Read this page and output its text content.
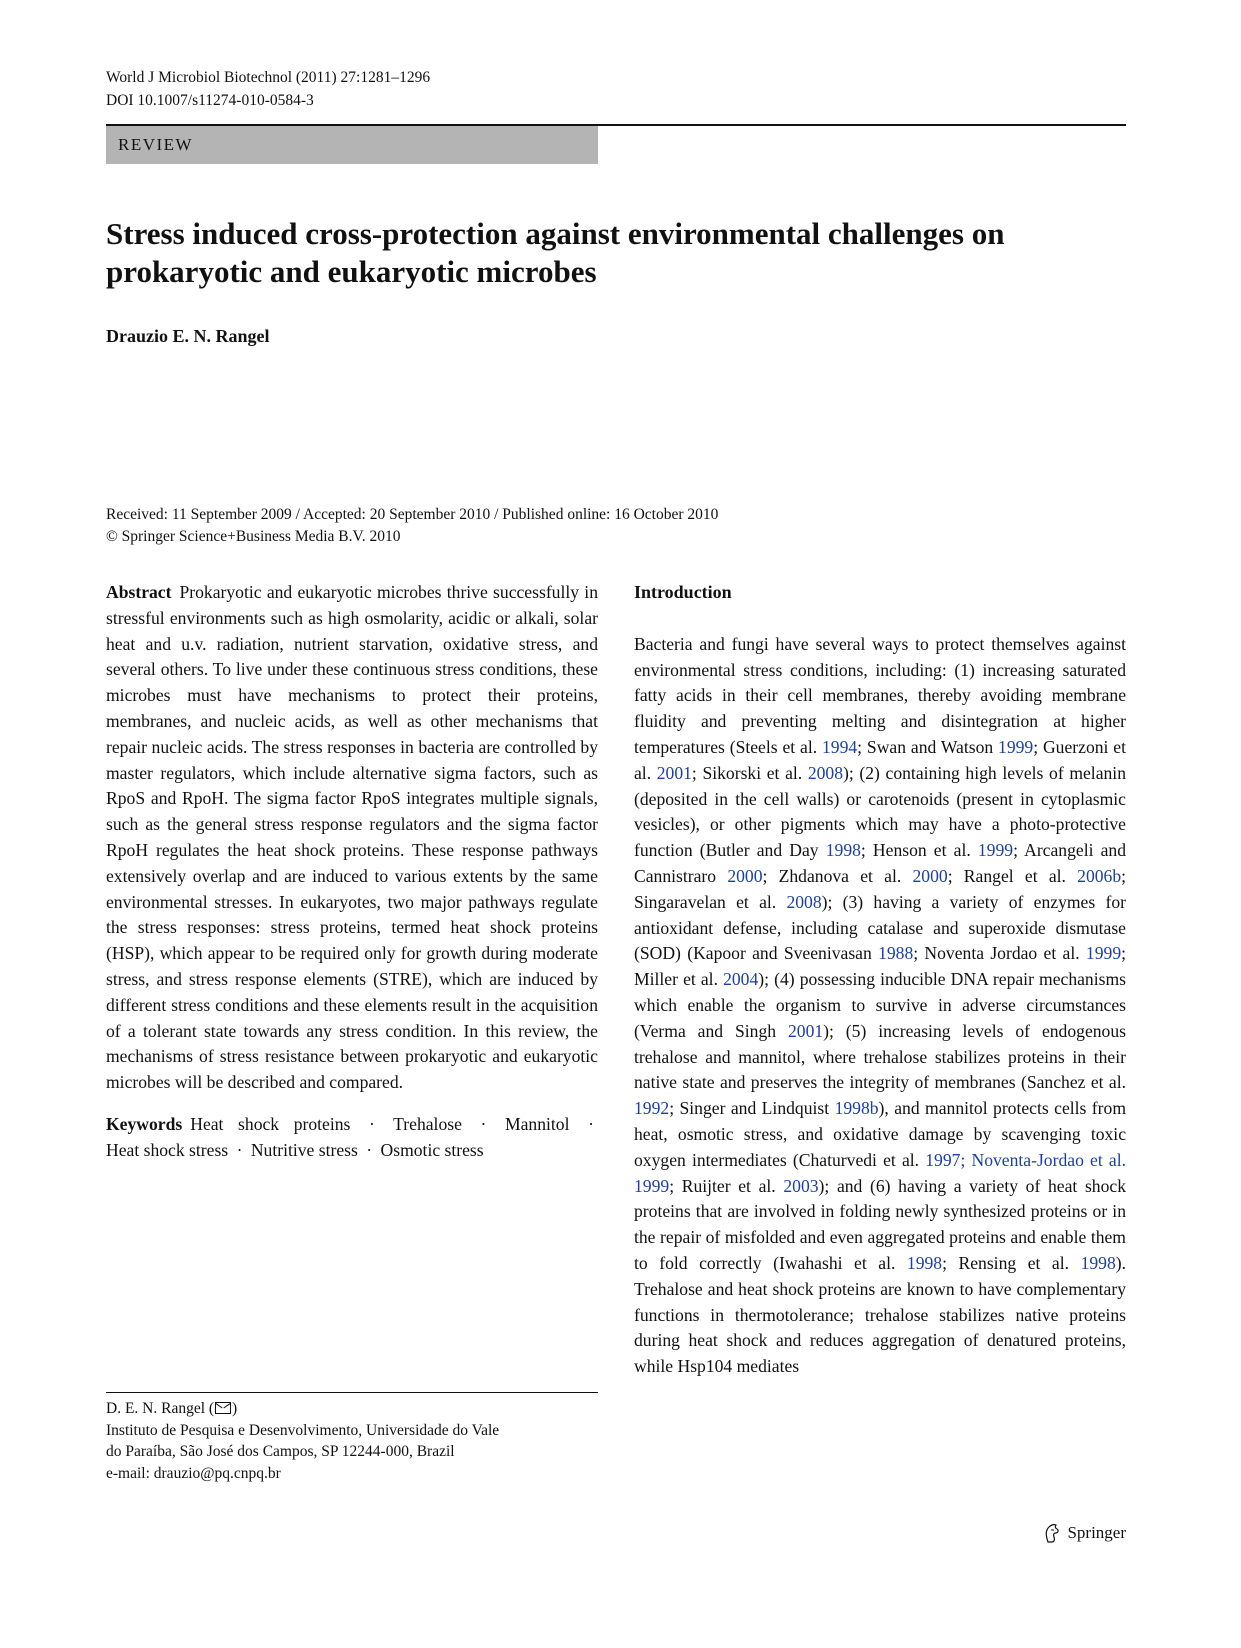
World J Microbiol Biotechnol (2011) 27:1281–1296
DOI 10.1007/s11274-010-0584-3
REVIEW
Stress induced cross-protection against environmental challenges on prokaryotic and eukaryotic microbes
Drauzio E. N. Rangel
Received: 11 September 2009 / Accepted: 20 September 2010 / Published online: 16 October 2010
© Springer Science+Business Media B.V. 2010
Abstract Prokaryotic and eukaryotic microbes thrive successfully in stressful environments such as high osmolarity, acidic or alkali, solar heat and u.v. radiation, nutrient starvation, oxidative stress, and several others. To live under these continuous stress conditions, these microbes must have mechanisms to protect their proteins, membranes, and nucleic acids, as well as other mechanisms that repair nucleic acids. The stress responses in bacteria are controlled by master regulators, which include alternative sigma factors, such as RpoS and RpoH. The sigma factor RpoS integrates multiple signals, such as the general stress response regulators and the sigma factor RpoH regulates the heat shock proteins. These response pathways extensively overlap and are induced to various extents by the same environmental stresses. In eukaryotes, two major pathways regulate the stress responses: stress proteins, termed heat shock proteins (HSP), which appear to be required only for growth during moderate stress, and stress response elements (STRE), which are induced by different stress conditions and these elements result in the acquisition of a tolerant state towards any stress condition. In this review, the mechanisms of stress resistance between prokaryotic and eukaryotic microbes will be described and compared.
Keywords Heat shock proteins · Trehalose · Mannitol · Heat shock stress · Nutritive stress · Osmotic stress
D. E. N. Rangel ( )
Instituto de Pesquisa e Desenvolvimento, Universidade do Vale
do Paraíba, São José dos Campos, SP 12244-000, Brazil
e-mail: drauzio@pq.cnpq.br
Introduction
Bacteria and fungi have several ways to protect themselves against environmental stress conditions, including: (1) increasing saturated fatty acids in their cell membranes, thereby avoiding membrane fluidity and preventing melting and disintegration at higher temperatures (Steels et al. 1994; Swan and Watson 1999; Guerzoni et al. 2001; Sikorski et al. 2008); (2) containing high levels of melanin (deposited in the cell walls) or carotenoids (present in cytoplasmic vesicles), or other pigments which may have a photo-protective function (Butler and Day 1998; Henson et al. 1999; Arcangeli and Cannistraro 2000; Zhdanova et al. 2000; Rangel et al. 2006b; Singaravelan et al. 2008); (3) having a variety of enzymes for antioxidant defense, including catalase and superoxide dismutase (SOD) (Kapoor and Sveenivasan 1988; Noventa Jordao et al. 1999; Miller et al. 2004); (4) possessing inducible DNA repair mechanisms which enable the organism to survive in adverse circumstances (Verma and Singh 2001); (5) increasing levels of endogenous trehalose and mannitol, where trehalose stabilizes proteins in their native state and preserves the integrity of membranes (Sanchez et al. 1992; Singer and Lindquist 1998b), and mannitol protects cells from heat, osmotic stress, and oxidative damage by scavenging toxic oxygen intermediates (Chaturvedi et al. 1997; Noventa-Jordao et al. 1999; Ruijter et al. 2003); and (6) having a variety of heat shock proteins that are involved in folding newly synthesized proteins or in the repair of misfolded and even aggregated proteins and enable them to fold correctly (Iwahashi et al. 1998; Rensing et al. 1998). Trehalose and heat shock proteins are known to have complementary functions in thermotolerance; trehalose stabilizes native proteins during heat shock and reduces aggregation of denatured proteins, while Hsp104 mediates
Springer
